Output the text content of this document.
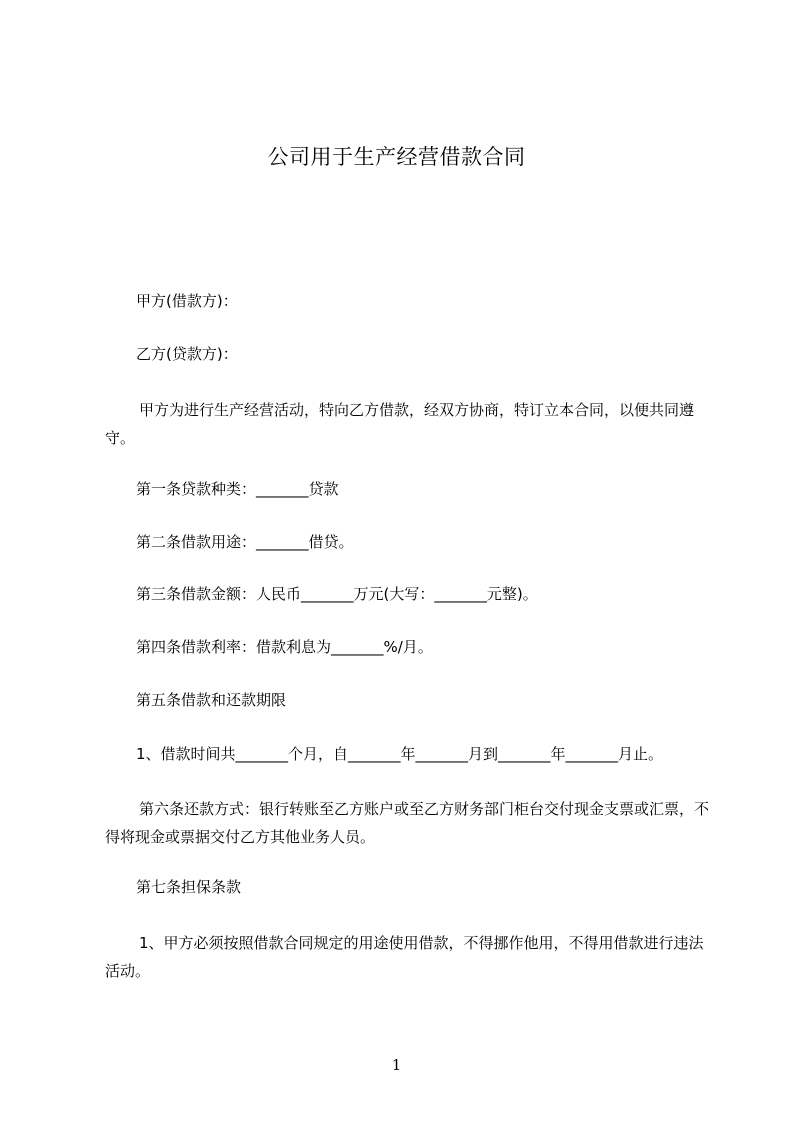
公司用于生产经营借款合同
甲方(借款方)：
乙方(贷款方)：

甲方为进行生产经营活动，特向乙方借款，经双方协商，特订立本合同，以便共同遵守。

第一条贷款种类：_______贷款
第二条借款用途：_______借贷。
第三条借款金额：人民币_______万元(大写：_______元整)。
第四条借款利率：借款利息为_______%/月。
第五条借款和还款期限
1、借款时间共_______个月，自_______年_______月到_______年_______月止。

第六条还款方式：银行转账至乙方账户或至乙方财务部门柜台交付现金支票或汇票，不得将现金或票据交付乙方其他业务人员。

第七条担保条款

1、甲方必须按照借款合同规定的用途使用借款，不得挪作他用，不得用借款进行违法活动。

1
